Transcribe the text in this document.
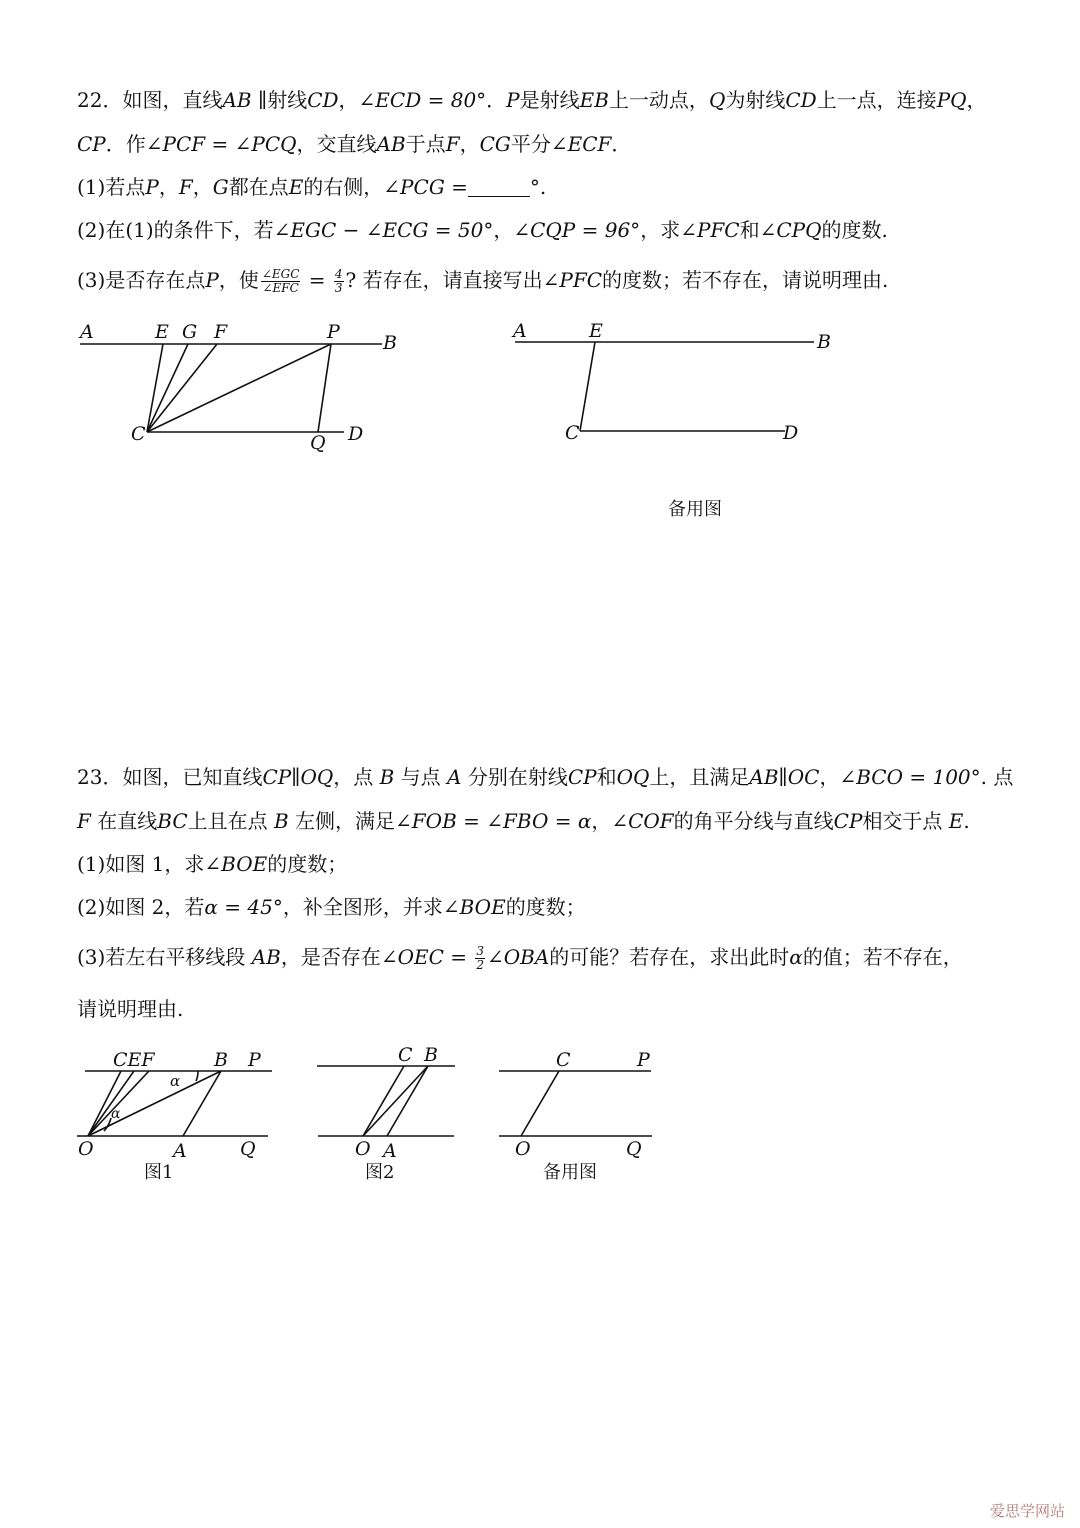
22．如图，直线AB ∥射线CD，∠ECD = 80°．P是射线EB上一动点，Q为射线CD上一点，连接PQ，
CP．作∠PCF = ∠PCQ，交直线AB于点F，CG平分∠ECF．
(1)若点P，F，G都在点E的右侧，∠PCG =	°.
(2)在(1)的条件下，若∠EGC − ∠ECG = 50°，∠CQP = 96°，求∠PFC和∠CPQ的度数.
(3)是否存在点P，使 $\frac{\text{∠EGC}}{\text{∠EFC}} = \frac{4}{3}$ ? 若存在，请直接写出∠PFC的度数；若不存在，请说明理由.
A	E G F	P B
C	Q D
A	E	B
C	D
备用图
CEF	B P
α
α
O	A	Q
图1
C B
O A
图2
C	P
O	Q
备用图
23．如图，已知直线CP∥OQ，点 B 与点 A 分别在射线CP和OQ上，且满足AB∥OC，∠BCO = 100°. 点
F 在直线BC上且在点 B 左侧，满足∠FOB = ∠FBO = α，∠COF的角平分线与直线CP相交于点 E.
(1)如图 1，求∠BOE的度数；
(2)如图 2，若α = 45°，补全图形，并求∠BOE的度数；
(3)若左右平移线段 AB，是否存在∠OEC = $\frac{3}{2}$ ∠OBA的可能？若存在，求出此时α的值；若不存在，
请说明理由.
爱思学网站
